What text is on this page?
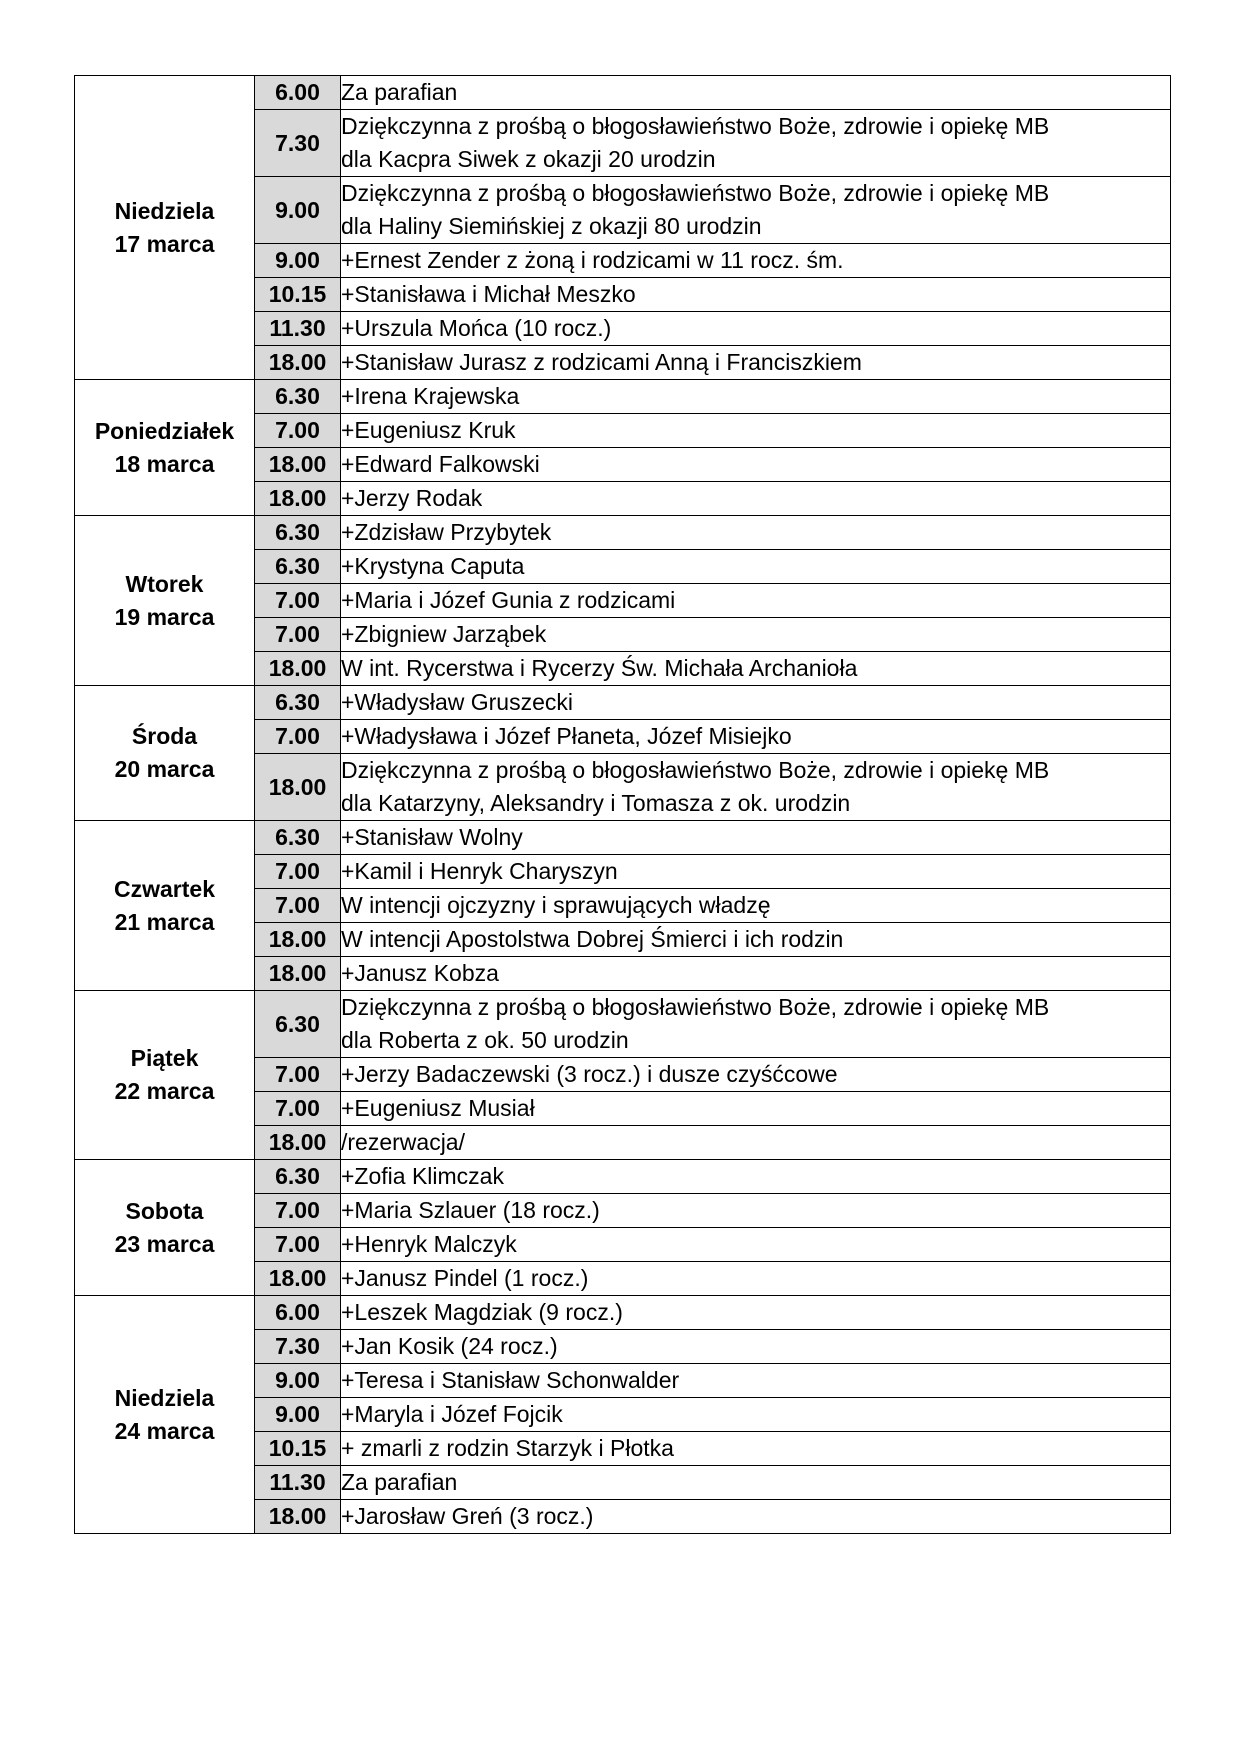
Niedziela
17 marca	6.00	Za parafian
	7.30	Dziękczynna z prośbą o błogosławieństwo Boże, zdrowie i opiekę MB
dla Kacpra Siwek z okazji 20 urodzin
	9.00	Dziękczynna z prośbą o błogosławieństwo Boże, zdrowie i opiekę MB
dla Haliny Siemińskiej z okazji 80 urodzin
	9.00	+Ernest Zender z żoną i rodzicami w 11 rocz. śm.
	10.15	+Stanisława i Michał Meszko
	11.30	+Urszula Mońca (10 rocz.)
	18.00	+Stanisław Jurasz z rodzicami Anną i Franciszkiem

Poniedziałek
18 marca	6.30	+Irena Krajewska
	7.00	+Eugeniusz Kruk
	18.00	+Edward Falkowski
	18.00	+Jerzy Rodak

Wtorek
19 marca	6.30	+Zdzisław Przybytek
	6.30	+Krystyna Caputa
	7.00	+Maria i Józef Gunia z rodzicami
	7.00	+Zbigniew Jarząbek
	18.00	W int. Rycerstwa i Rycerzy Św. Michała Archanioła

Środa
20 marca	6.30	+Władysław Gruszecki
	7.00	+Władysława i Józef Płaneta, Józef Misiejko
	18.00	Dziękczynna z prośbą o błogosławieństwo Boże, zdrowie i opiekę MB
dla Katarzyny, Aleksandry i Tomasza z ok. urodzin

Czwartek
21 marca	6.30	+Stanisław Wolny
	7.00	+Kamil i Henryk Charyszyn
	7.00	W intencji ojczyzny i sprawujących władzę
	18.00	W intencji Apostolstwa Dobrej Śmierci i ich rodzin
	18.00	+Janusz Kobza

Piątek
22 marca	6.30	Dziękczynna z prośbą o błogosławieństwo Boże, zdrowie i opiekę MB
dla Roberta z ok. 50 urodzin
	7.00	+Jerzy Badaczewski (3 rocz.) i dusze czyśćcowe
	7.00	+Eugeniusz Musiał
	18.00	/rezerwacja/

Sobota
23 marca	6.30	+Zofia Klimczak
	7.00	+Maria Szlauer (18 rocz.)
	7.00	+Henryk Malczyk
	18.00	+Janusz Pindel (1 rocz.)

Niedziela
24 marca	6.00	+Leszek Magdziak (9 rocz.)
	7.30	+Jan Kosik (24 rocz.)
	9.00	+Teresa i Stanisław Schonwalder
	9.00	+Maryla i Józef Fojcik
	10.15	+ zmarli z rodzin Starzyk i Płotka
	11.30	Za parafian
	18.00	+Jarosław Greń (3 rocz.)
